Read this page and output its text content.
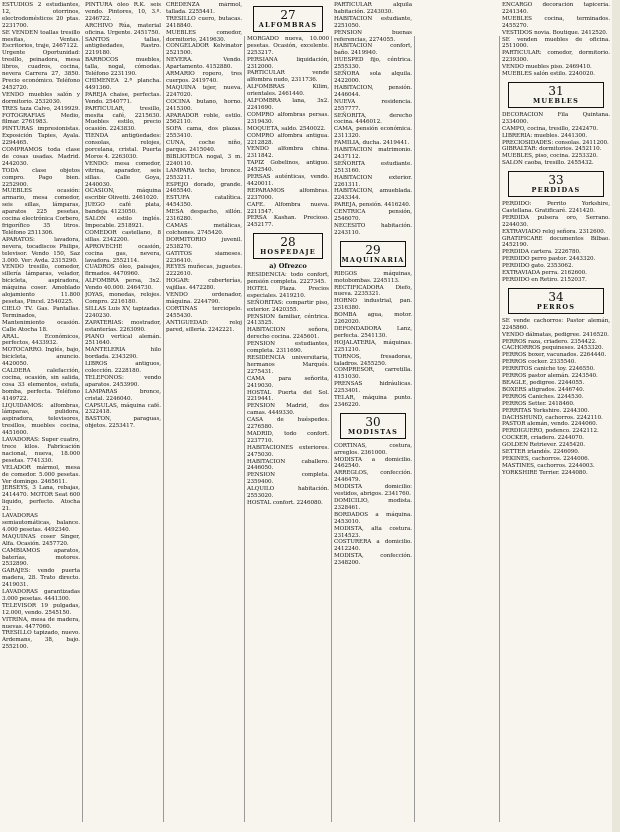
ESTUDIOS 2 estudiantes, 12, otorrinos, electrodomésticos 20 ptas. 2231700.

SE VENDEN toallas tresillo mesitas, Ventas. Escritorios, traje, 2467122.

Urgente Oportunidad: tresillo, peinadora, mesa libros, cuadros, cocina, nevera Carrera 27, 3850. Precio económico. Teléfono 2452720.

VENDO muebles salón y dormitorio. 2532030.

TRES taza Calvo, 2419929. FOTOGRAFIAS Medio, filmar. 2761983.

PINTURAS impresionistas. Exposición Tapies, Ayala. 2294465.

COMPRAMOS toda clase de cosas usadas. Madrid. 2442030.

TODA clase objetos compro. Pago bien. 2252900.

MUEBLES ocasión: armario, mesa comedor, seis sillas, lámparas, aparatos 225 pesetas, cocina electrónica Corbero, frigorífico 35 litros. Teléfono 2511306.

APARATOS: lavadora, nevera, tocadiscos Philips, televisor. Vendo 150, Saz 3.000. Ver: Avda. 2315290.

VENDO tresillo, comedor, sillería lámparas, velador, bicicleta, aspiradora, máquina coser. Amoblado alojamiento 11.800 pesetas, Pincel. 2540225.

CIELO TV. Gas. Pantallas. Terminados, Mantenimiento ocasión. Calle Atocha 18.

ARAL. Económicos, perfectos, 4433932.

MOTOCARRO. Inglés, bajo, bicicleta, anuncio. 4420050.

CALDERA calefacción, cocina, ocasión, sin salida, cosa 33 elementos, estufa, bomba, perfecta. Teléfono 4149722.

LIQUIDAMOS: alfombras, lámparas, pulidora, aspiradora, televisores, tresillos, muebles cocina, 4451600.

LAVADORAS: Super cuatro, trece kilos. Fabricación nacional, nueva, 18.000 pesetas. 7741330.

VELADOR mármol, mesa de comedor. 5.000 pesetas. Ver domingo. 2465611.

JERSEYS, 3 Lana, rebajas, 2414470. MOTOR Seat 600 liquido, perfecto. Atocha 21.

LAVADORAS semiautomáticas, balance. 4.000 pesetas. 4492340.

MAQUINAS coser Singer, Alfa. Ocasión. 2457720.

CAMBIAMOS aparatos, baterías, motores. 2532890.

GARAJES: vendo puerta madera, 28. Trato directo. 2419031.

LAVADORAS garantizadas 3.000 pesetas. 4441300.

TELEVISOR 19 pulgadas, 12.000, vendo. 2545150.

VITRINA, mesa de madera, nuevas. 4477060.

TRESILLO tapizado, nuevo. Ardemans, 38, bajo. 2552100.

PINTURA óleo R.K. seis vendo. Pintores, 10, 3.º. 2246722.

ARCHIVO Rúa, material oficina. Urgente. 2451750.

SANTOS tallas, antigüedades, Rastro. 2219180.

BARROCOS muebles, talla, nogal, cómodas. Teléfono 2231190.

CHIMENEA 2.ª plancha. 4491360.

PAREJA chaise, perfectas. Vendo. 2540771.

PARTICULAR, tresillo, mesita café, 2215630. Muebles estilo, precio ocasión. 2243830.

TIENDA antigüedades: consolas, relojes, porcelana, cristal. Puerta Moros 4. 2263030.

VENDO: mesa comedor, vitrina, aparador, seis sillas. Calle Goya, 2440030.

OCASION, máquina escribir Olivetti. 2461020.

JUEGO café plata, bandeja. 4123050.

SALON estilo inglés. Impecable. 2518921.

COMEDOR castellano, 8 sillas. 2342200.

APROVECHE ocasión, cocina gas, nevera, lavadora. 2552114.

CUADROS óleo, paisajes, firmados. 4470960.

ALFOMBRA persa, 3x2. Vendo 40.000. 2464730.

JOYAS, monedas, relojes. Compro. 2216180.

SILLAS Luis XV, tapizadas. 2240230.

ZAPATERIAS: mostrador, estanterías. 2263090.

PIANO vertical alemán. 2511640.

MANTELERIA hilo bordada. 2343290.

LIBROS antiguos, colección. 2228180.

TELEFONOS: vendo aparatos. 2453990.

LAMPARAS bronce, cristal. 2246040.

CAPSULAS, máquina café. 2322418.

BASTON, paraguas, objetos. 2253417.

CREDENZA mármol, tallada. 2255441.

TRESILLO cuero, butacas. 2418840.

MUEBLES comedor, dormitorio, 2419630.

CONGELADOR Kelvinator 2521500.

NEVERA. Vendo. Apartamento. 4152880.

ARMARIO ropero, tres cuerpos. 2419740.

MAQUINA tejer, nueva. 2247020.

COCINA butano, horno. 2415300.

APARADOR roble, estilo. 2562110.

SOFA cama, dos plazas. 2553410.

CUNA, coche niño, parque. 2415040.

BIBLIOTECA nogal, 3 m. 2240110.

LAMPARA techo, bronce. 2553211.

ESPEJO dorado, grande. 2465540.

ESTUFA catalítica. 4454350.

MESA despacho, sillón. 2316280.

CAMAS metálicas, colchones. 2745420.

DORMITORIO juvenil. 2538270.

GATITOS siameses. 2236410.

REYES muñecas, juguetes. 2222610.

HOGAR: cuberterías, vajillas. 4472280.

VENDO ordenador, máquina. 2244790.

CORTINAS terciopelo. 2455430.

ANTIGUEDAD: reloj pared, sillería. 2242221.

27
ALFOMBRAS

MORGADO nueva, 10.000 pesetas. Ocasión, excelente. 2253217.

PERSIANA liquidación, 2312000.

PARTICULAR vende alfombra nudo, 2311736.

ALFOMBRAS Kilim, orientales. 2461440.

ALFOMBRA lana, 3x2. 2241690.

COMPRO alfombras persas. 2319430.

MOQUETA, saldo. 2540022.

COMPRO alfombra antigua. 2212828.

VENDO alfombra china. 2311842.

TAPIZ Gobelinos, antiguo. 2452540.

PERSAS auténticas, vendo. 4420011.

REPARAMOS alfombras. 2237000.

CAFE. Alfombra nueva. 2211547.

PERSA Kashan. Precioso. 2452177.

28
HOSPEDAJE
a) Ofrezco

RESIDENCIA: todo confort, pensión completa. 2227345.

HOTEL Plaza. Precios especiales. 2419210.

SEÑORITAS: compartir piso, exterior. 2420355.

PENSION familiar, céntrica. 2413525.

HABITACION señora, derecho cocina. 2245601.

PENSION estudiantes, completa. 2311690.

RESIDENCIA universitaria, hermanos Marqués. 2275431.

CAMA para señorita, 2419030.

HOSTAL Puerta del Sol. 2219441.

PENSION Madrid, dos camas. 4449330.

CASA de huéspedes. 2276580.

MADRID, todo confort. 2237710.

HABITACIONES exteriores. 2475030.

HABITACION caballero. 2446050.

PENSION completa. 2359400.

ALQUILO habitación. 2553020.

HOSTAL confort. 2246080.

PARTICULAR alquila habitación. 2243030.

HABITACION estudiante, 2251050.

PENSION buenas referencias, 2274055.

HABITACION confort, baño. 2419940.

HUESPED fijo, céntrica. 2555330.

SEÑORA sola alquila. 2422000.

HABITACION, pensión. 2446044.

NUEVA residencia. 2557777.

SEÑORITA, derecho cocina. 4446012.

CAMA, pensión económica. 2311320.

FAMILIA, ducha. 2419441.

HABITACION matrimonio. 2437112.

SEÑORITA estudiante. 2513160.

HABITACION exterior. 2261311.

HABITACION, amueblada. 2243344.

PAREJA, pensión. 4416240.

CENTRICA pensión, 2546070.

NECESITO habitación. 2243110.

29
MAQUINARIA

RIEGOS máquinas, motobombas. 2245113.

RECTIFICADORA Diefo, nueva. 2235321.

HORNO industrial, pan. 2316380.

BOMBA agua, motor. 2262020.

DEFONDADORA Lanz, perfecta. 2541130.

HOJALATERIA, máquinas. 2251210.

TORNOS, fresadoras, taladros. 2455250.

COMPRESOR, carretilla. 4151030.

PRENSAS hidráulicas. 2253401.

TELAR, máquina punto. 2346220.

30
MODISTAS

CORTINAS, costura, arreglos. 2361000.

MODISTA a domicilio. 2462540.

ARREGLOS, confección. 2446479.

MODISTA domicilio: vestidos, abrigos. 2341760.

DOMICILIO, modista. 2328461.

BORDADOS a máquina. 2453010.

MODISTA, alta costura. 2314523.

COSTURERA a domicilio. 2412240.

MODISTA, confección. 2348200.

ENCARGO decoración tapicería. 2241340.

MUEBLES cocina, terminados. 2455270.

VESTIDOS novia. Boutique. 2412520.

SE venden muebles de oficina. 2511000.

PARTICULAR: comedor, dormitorio. 2239300.

VENDO muebles piso. 2469410.

MUEBLES salón estilo. 2240020.

31
MUEBLES

DECORACION Fila Quintana. 2334000.

CAMPO, cocina, tresillo, 2242470.

LIBRERIA: muebles. 2441300.

PRECIOSIDADES: consolas. 2411200.

GIBRALTAR: dormitorios. 2452110.

MUEBLES, piso, cocina. 2253320.

SALON caoba, tresillo. 2455432.

33
PERDIDAS

PERDIDO: Perrito Yorkshire, Castellana. Gratificaré. 2241420.

PERDIDA pulsera oro, Serrano. 2244030.

EXTRAVIADO reloj señora. 2312600.

GRATIFICARE documentos Bilbao. 2452190.

PERDIDA cartera. 2226780.

PERDIDO perro pastor. 2443320.

PERDIDO gato. 2353062.

EXTRAVIADA perra. 2162600.

PERDIDO en Retiro. 2152037.

34
PERROS

SE vende cachorros: Pastor alemán, 2245860.

VENDO dálmatas, pedigree. 2416520.

PERROS raza, criadero. 2354422.

CACHORROS pequineses. 2453320.

PERROS boxer, vacunados. 2264440.

PERROS cocker. 2335540.

PERRITOS caniche toy. 2246550.

PERROS pastor alemán. 2243540.

BEAGLE, pedigree. 2244055.

BOXERS atigrados. 2446740.

PERROS Caniches. 2244530.

PERROS Setter. 2418460.

PERRITAS Yorkshire. 2244300.

DACHSHUND, cachorros. 2242110.

PASTOR alemán, vendo. 2244060.

PERDIGUERO, podenco. 2242112.

COCKER, criadero. 2244070.

GOLDEN Retriever. 2245420.

SETTER irlandés. 2246090.

PEKINES, cachorros. 2244006.

MASTINES, cachorros. 2244003.

YORKSHIRE Terrier. 2244080.
